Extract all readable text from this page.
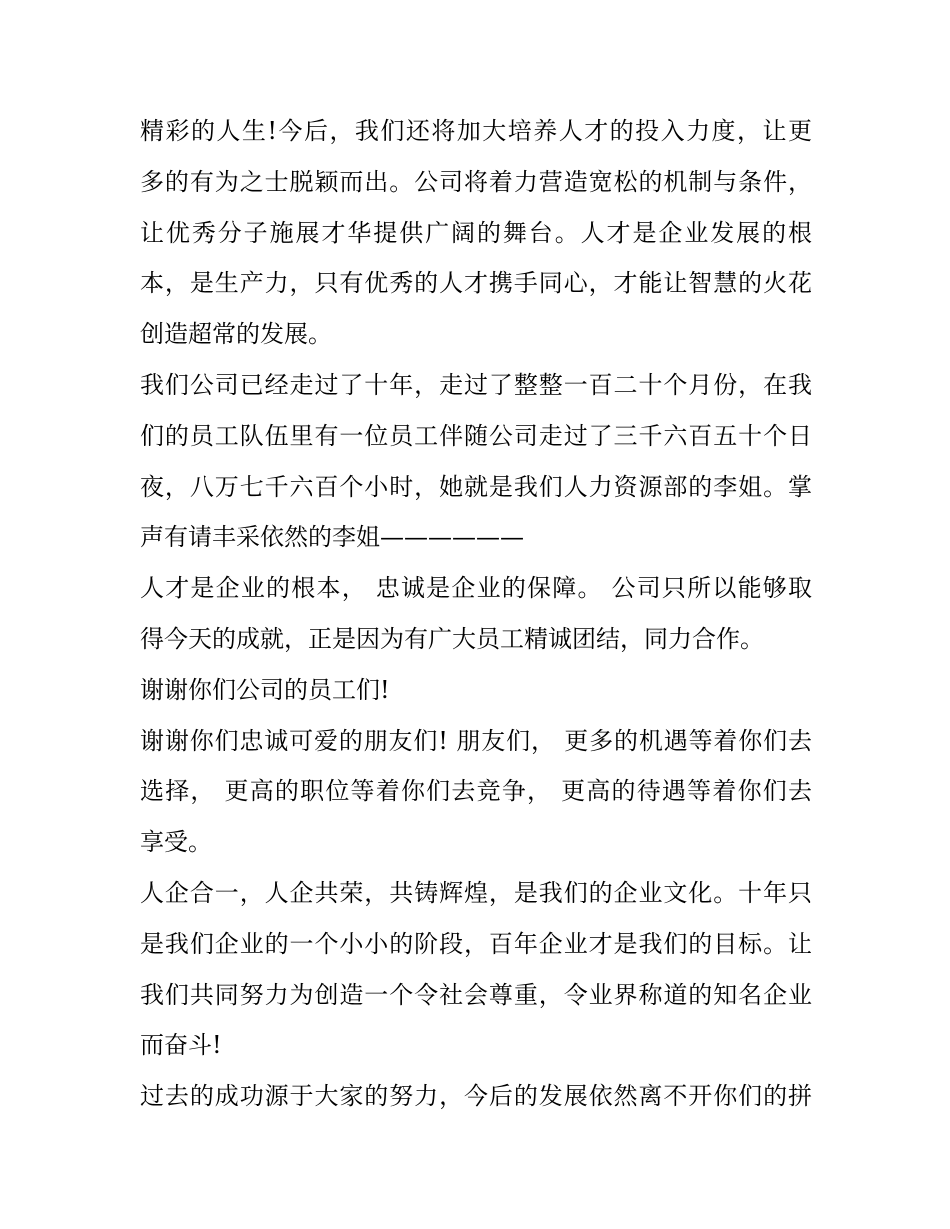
精彩的人生!今后，我们还将加大培养人才的投入力度，让更
多的有为之士脱颖而出。公司将着力营造宽松的机制与条件，
让优秀分子施展才华提供广阔的舞台。人才是企业发展的根
本，是生产力，只有优秀的人才携手同心，才能让智慧的火花
创造超常的发展。
我们公司已经走过了十年，走过了整整一百二十个月份，在我
们的员工队伍里有一位员工伴随公司走过了三千六百五十个日
夜，八万七千六百个小时，她就是我们人力资源部的李姐。掌
声有请丰采依然的李姐——————
人才是企业的根本， 忠诚是企业的保障。 公司只所以能够取
得今天的成就，正是因为有广大员工精诚团结，同力合作。
谢谢你们公司的员工们!
谢谢你们忠诚可爱的朋友们! 朋友们， 更多的机遇等着你们去
选择， 更高的职位等着你们去竞争， 更高的待遇等着你们去
享受。
人企合一，人企共荣，共铸辉煌，是我们的企业文化。十年只
是我们企业的一个小小的阶段，百年企业才是我们的目标。让
我们共同努力为创造一个令社会尊重，令业界称道的知名企业
而奋斗!
过去的成功源于大家的努力，今后的发展依然离不开你们的拼
